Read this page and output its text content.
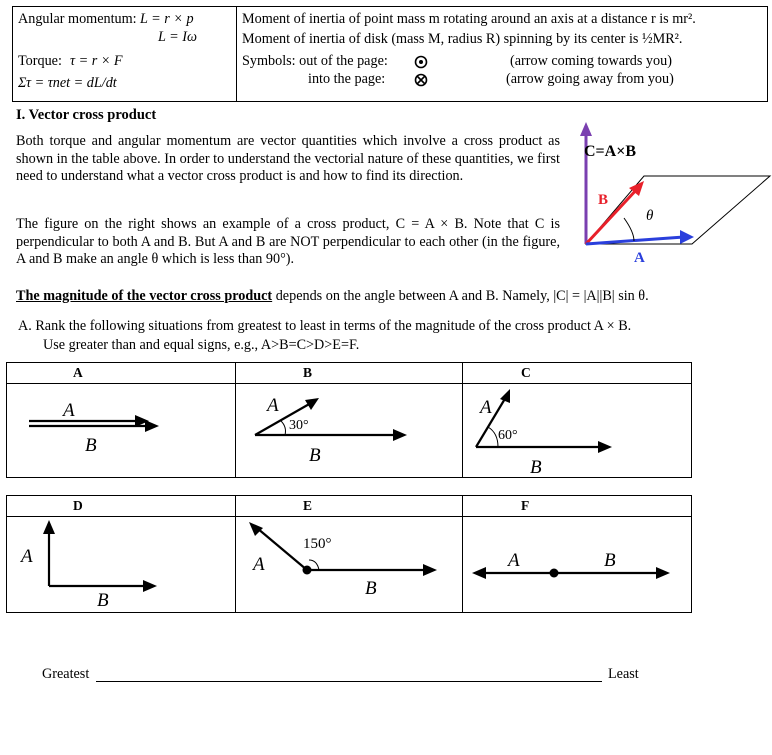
Angular momentum: L = r × p
L = Iω
Torque: τ = r × F
Στ = τnet = dL/dt

Moment of inertia of point mass m rotating around an axis at a distance r is mr².
Moment of inertia of disk (mass M, radius R) spinning by its center is ½MR².
Symbols: out of the page:	(arrow coming towards you)
into the page:	(arrow going away from you)
I. Vector cross product

Both torque and angular momentum are vector quantities which involve a cross product as shown in the table above. In order to understand the vectorial nature of these quantities, we first need to understand what a vector cross product is and how to find its direction.

The figure on the right shows an example of a cross product, C = A × B. Note that C is perpendicular to both A and B. But A and B are NOT perpendicular to each other (in the figure, A and B make an angle θ which is less than 90°).

C=A×B
B
A
θ
The magnitude of the vector cross product depends on the angle between A and B. Namely, |C| = |A||B| sin θ.
A. Rank the following situations from greatest to least in terms of the magnitude of the cross product A × B.
Use greater than and equal signs, e.g., A>B=C>D>E=F.
A	B	C
A
B
A
30°
B
A
60°
B
D	E	F
A
B
A
150°
B
A	B
Greatest	Least
